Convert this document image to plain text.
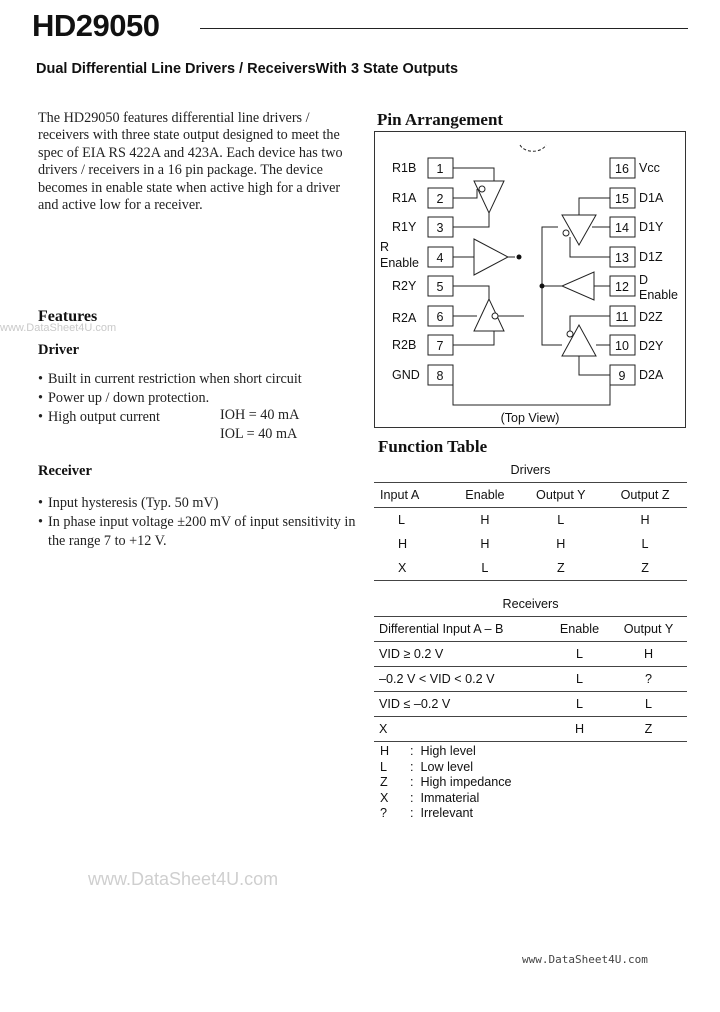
HD29050
Dual Differential Line Drivers / ReceiversWith 3 State Outputs
The HD29050 features differential line drivers / receivers with three state output designed to meet the spec of EIA RS 422A and 423A. Each device has two drivers / receivers in a 16 pin package. The device becomes in enable state when active high for a driver and active low for a receiver.
Features
www.DataSheet4U.com
Driver
• Built in current restriction when short circuit
• Power up / down protection.
• High output current	IOH = 40 mA
IOL = 40 mA
Receiver
• Input hysteresis (Typ. 50 mV)
• In phase input voltage ±200 mV of input sensitivity in the range 7 to +12 V.
Pin Arrangement
1
2
3
4
5
6
7
8
16
15
14
13
12
11
10
9
R1B
R1A
R1Y
R Enable
R2Y
R2A
R2B
GND
Vcc
D1A
D1Y
D1Z
D Enable
D2Z
D2Y
D2A
(Top View)
Function Table
Drivers			
Input A	Enable	Output Y	Output Z
L	H	L	H
H	H	H	L
X	L	Z	Z
Receivers		
Differential Input A – B	Enable	Output Y
VID ≥ 0.2 V	L	H
–0.2 V < VID < 0.2 V	L	?
VID ≤ –0.2 V	L	L
X	H	Z
H :  High level
L :  Low level
Z :  High impedance
X :  Immaterial
? :  Irrelevant
www.DataSheet4U.com
www.DataSheet4U.com
